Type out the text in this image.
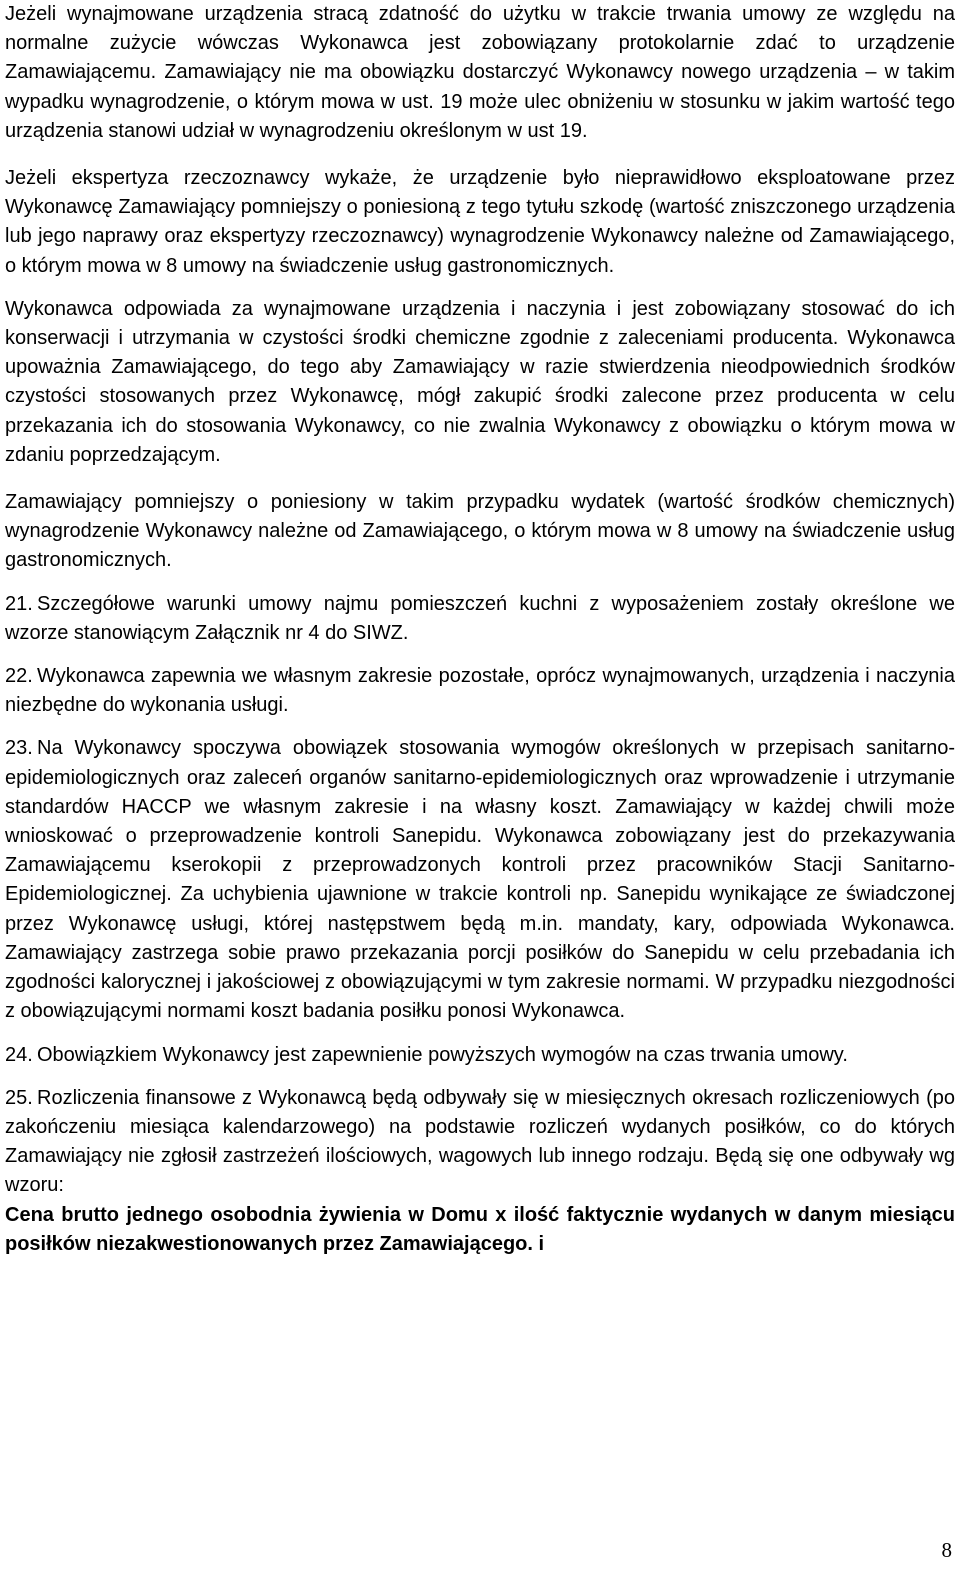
Jeżeli wynajmowane urządzenia stracą zdatność do użytku w trakcie trwania umowy ze względu na normalne zużycie wówczas Wykonawca jest zobowiązany protokolarnie zdać to urządzenie Zamawiającemu. Zamawiający nie ma obowiązku dostarczyć Wykonawcy nowego urządzenia – w takim wypadku wynagrodzenie, o którym mowa w ust. 19 może ulec obniżeniu w stosunku w jakim wartość tego urządzenia stanowi udział w wynagrodzeniu określonym w ust 19.

Jeżeli ekspertyza rzeczoznawcy wykaże, że urządzenie było nieprawidłowo eksploatowane przez Wykonawcę Zamawiający pomniejszy o poniesioną z tego tytułu szkodę (wartość zniszczonego urządzenia lub jego naprawy oraz ekspertyzy rzeczoznawcy) wynagrodzenie Wykonawcy należne od Zamawiającego, o którym mowa w 8 umowy na świadczenie usług gastronomicznych.

Wykonawca odpowiada za wynajmowane urządzenia i naczynia i jest zobowiązany stosować do ich konserwacji i utrzymania w czystości środki chemiczne zgodnie z zaleceniami producenta. Wykonawca upoważnia Zamawiającego, do tego aby Zamawiający w razie stwierdzenia nieodpowiednich środków czystości stosowanych przez Wykonawcę, mógł zakupić środki zalecone przez producenta w celu przekazania ich do stosowania Wykonawcy, co nie zwalnia Wykonawcy z obowiązku o którym mowa w zdaniu poprzedzającym.

Zamawiający pomniejszy o poniesiony w takim przypadku wydatek (wartość środków chemicznych) wynagrodzenie Wykonawcy należne od Zamawiającego, o którym mowa w 8 umowy na świadczenie usług gastronomicznych.

21. Szczegółowe warunki umowy najmu pomieszczeń kuchni z wyposażeniem zostały określone we wzorze stanowiącym Załącznik nr 4 do SIWZ.

22. Wykonawca zapewnia we własnym zakresie pozostałe, oprócz wynajmowanych, urządzenia i naczynia niezbędne do wykonania usługi.

23. Na Wykonawcy spoczywa obowiązek stosowania wymogów określonych w przepisach sanitarno-epidemiologicznych oraz zaleceń organów sanitarno-epidemiologicznych oraz wprowadzenie i utrzymanie standardów HACCP we własnym zakresie i na własny koszt. Zamawiający w każdej chwili może wnioskować o przeprowadzenie kontroli Sanepidu. Wykonawca zobowiązany jest do przekazywania Zamawiającemu kserokopii z przeprowadzonych kontroli przez pracowników Stacji Sanitarno-Epidemiologicznej. Za uchybienia ujawnione w trakcie kontroli np. Sanepidu wynikające ze świadczonej przez Wykonawcę usługi, której następstwem będą m.in. mandaty, kary, odpowiada Wykonawca. Zamawiający zastrzega sobie prawo przekazania porcji posiłków do Sanepidu w celu przebadania ich zgodności kalorycznej i jakościowej z obowiązującymi w tym zakresie normami. W przypadku niezgodności z obowiązującymi normami koszt badania posiłku ponosi Wykonawca.

24. Obowiązkiem Wykonawcy jest zapewnienie powyższych wymogów na czas trwania umowy.

25. Rozliczenia finansowe z Wykonawcą będą odbywały się w miesięcznych okresach rozliczeniowych (po zakończeniu miesiąca kalendarzowego) na podstawie rozliczeń wydanych posiłków, co do których Zamawiający nie zgłosił zastrzeżeń ilościowych, wagowych lub innego rodzaju. Będą się one odbywały wg wzoru:

Cena brutto jednego osobodnia żywienia w Domu x ilość faktycznie wydanych w danym miesiącu posiłków niezakwestionowanych przez Zamawiającego. i

8
